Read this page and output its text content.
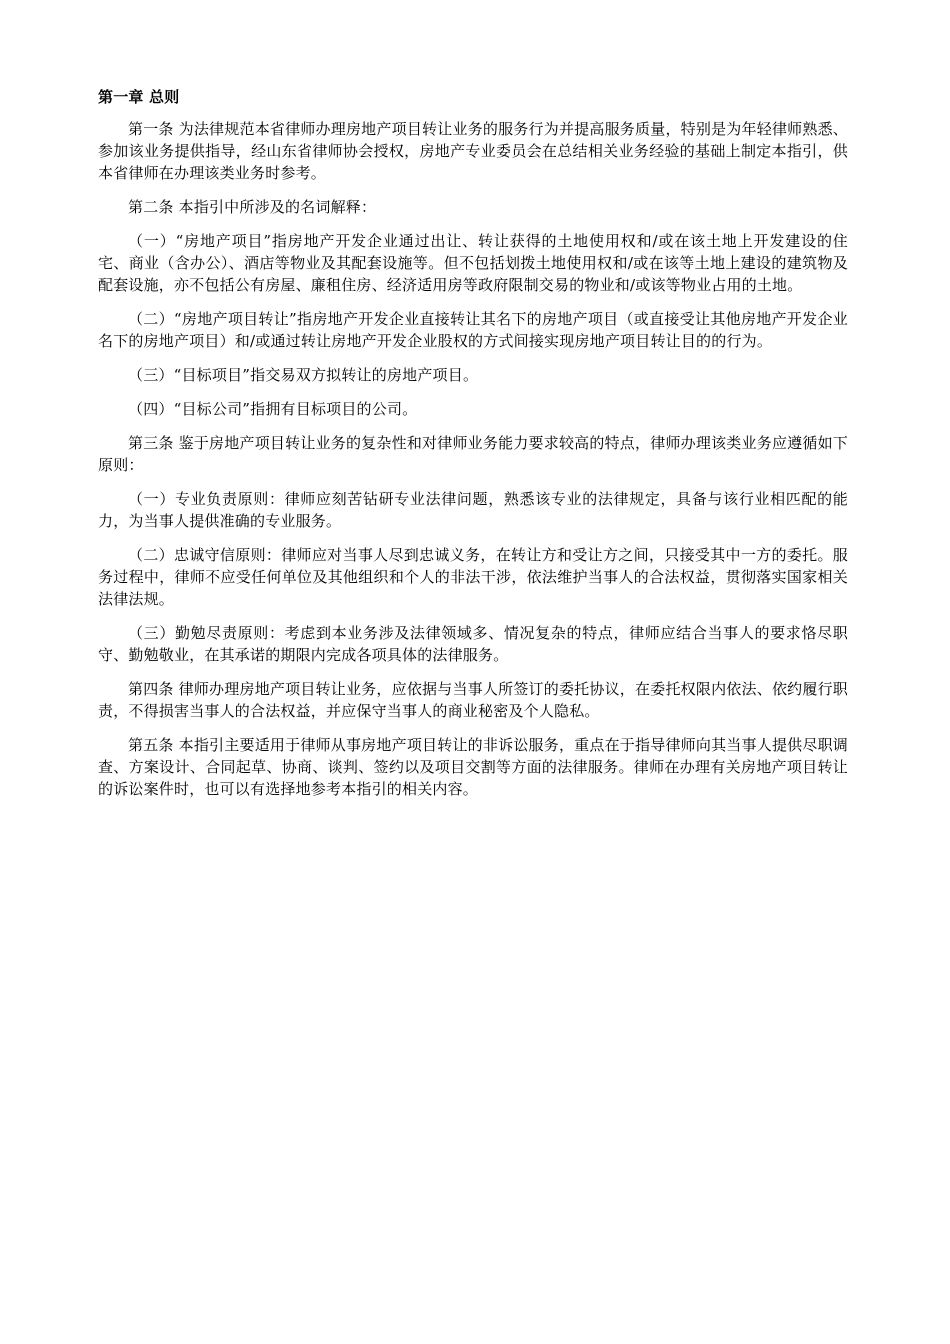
第一章 总则

第一条 为法律规范本省律师办理房地产项目转让业务的服务行为并提高服务质量，特别是为年轻律师熟悉、参加该业务提供指导，经山东省律师协会授权，房地产专业委员会在总结相关业务经验的基础上制定本指引，供本省律师在办理该类业务时参考。

第二条 本指引中所涉及的名词解释：

（一）“房地产项目”指房地产开发企业通过出让、转让获得的土地使用权和/或在该土地上开发建设的住宅、商业（含办公）、酒店等物业及其配套设施等。但不包括划拨土地使用权和/或在该等土地上建设的建筑物及配套设施，亦不包括公有房屋、廉租住房、经济适用房等政府限制交易的物业和/或该等物业占用的土地。

（二）“房地产项目转让”指房地产开发企业直接转让其名下的房地产项目（或直接受让其他房地产开发企业名下的房地产项目）和/或通过转让房地产开发企业股权的方式间接实现房地产项目转让目的的行为。

（三）“目标项目”指交易双方拟转让的房地产项目。

（四）“目标公司”指拥有目标项目的公司。

第三条 鉴于房地产项目转让业务的复杂性和对律师业务能力要求较高的特点，律师办理该类业务应遵循如下原则：

（一）专业负责原则：律师应刻苦钻研专业法律问题，熟悉该专业的法律规定，具备与该行业相匹配的能力，为当事人提供准确的专业服务。

（二）忠诚守信原则：律师应对当事人尽到忠诚义务，在转让方和受让方之间，只接受其中一方的委托。服务过程中，律师不应受任何单位及其他组织和个人的非法干涉，依法维护当事人的合法权益，贯彻落实国家相关法律法规。

（三）勤勉尽责原则：考虑到本业务涉及法律领域多、情况复杂的特点，律师应结合当事人的要求恪尽职守、勤勉敬业，在其承诺的期限内完成各项具体的法律服务。

第四条 律师办理房地产项目转让业务，应依据与当事人所签订的委托协议，在委托权限内依法、依约履行职责，不得损害当事人的合法权益，并应保守当事人的商业秘密及个人隐私。

第五条 本指引主要适用于律师从事房地产项目转让的非诉讼服务，重点在于指导律师向其当事人提供尽职调查、方案设计、合同起草、协商、谈判、签约以及项目交割等方面的法律服务。律师在办理有关房地产项目转让的诉讼案件时，也可以有选择地参考本指引的相关内容。
